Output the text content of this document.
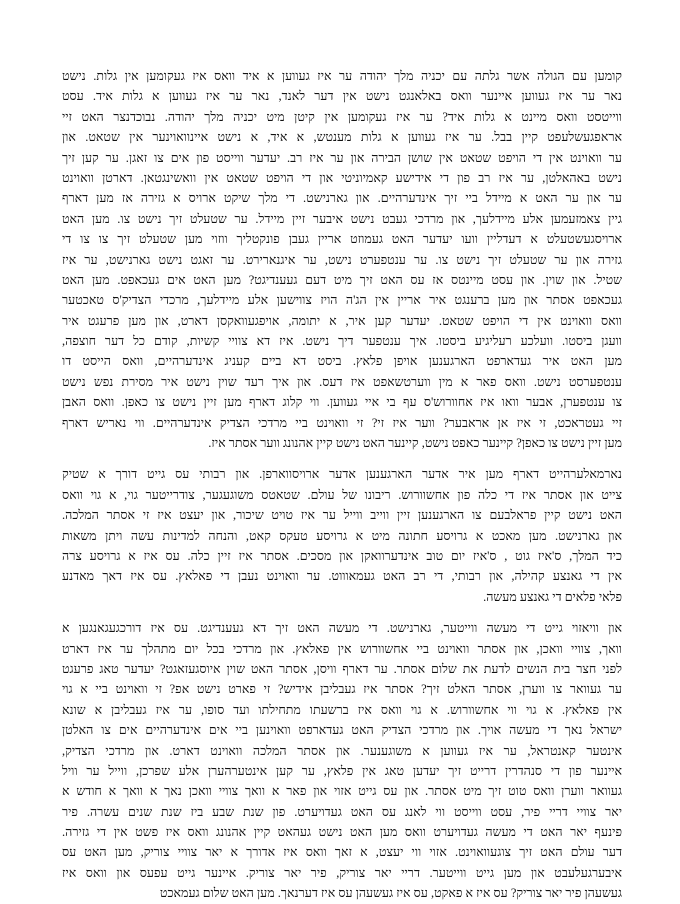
קומען עם הגולה אשר גלתה עם יכניה מלך יהודה ער איז געווען א איד וואס איז געקומען אין גלות. נישט
נאר ער איז געווען איינער וואס באלאנגט נישט אין דער לאנד, נאר ער איז געווען א גלות איד. עסט
ווייטסט וואס מיינט א גלות איד? ער איז געקומען אין קיטן מיט יכניה מלך יהודה. נבוכדנצר האט זיי
אראפגעשלעפט קיין בבל. ער איז געווען א גלות מענטש, א איד, א נישט איינוואוינער אין שטאט. און
ער וואוינט אין די הויפט שטאט אין שושן הבירה און ער איז רב. יעדער ווייסט פון אים צו זאגן. ער קען זיך
נישט באהאלטן, ער איז רב פון די אידישע קאמיוניטי און די הויפט שטאט אין וואשינגטאן. דארטן וואוינט
ער און ער האט א מיידל ביי זיך אינדערהיים. און גארנישט. די מלך שיקט ארויס א גזירה אז מען דארף
גיין צאמזעמען אלע מיידלעך, און מרדכי געבט נישט איבער זיין מיידל. ער שטעלט זיך נישט צו. מען האט
ארויסגעשטעלט א דעדליין וועו יעדער האט געמוזט אריין געבן פונקטליך ווזוי מען שטעלט זיך צו צו די
גזירה און ער שטעלט זיך נישט צו. ער ענטפערט נישט, ער איגנארירט. ער זאגט נישט גארנישט, ער איז
שטיל. און שוין. און עסט מיינטס אז עס האט זיך מיט דעם געענדיגט? מען האט אים געכאפט. מען האט
געכאפט אסתר און מען ברענגט איר אריין אין הג'ה הויז צווישען אלע מיידלעך, מרכדי הצדיק'ס טאכטער
וואס וואוינט אין די הויפט שטאט. יעדער קען איר, א יתומה, אויפגעוואקסן דארט, און מען פרעגט איר
וועגן ביסטו. וועלכע רעליגיע ביסטו. איך ענטפער דיך נישט. איז דא צוויי קשיות, קודם כל דער חוצפה,
מען האט איר געדארפט הארגענען אויפן פלאץ. ביסט דא ביים קעניג אינדערהיים, וואס הייסט דו
ענטפערסט נישט. וואס פאר א מין ווערטשאפט איז דעס. און איך רעד שוין נישט איר מסירת נפש נישט
צו ענטפערן, אבער וואו איז אחוורוש'ס עף בי איי געווען. ווי קלוג דארף מען זיין נישט צו כאפן. וואס האבן
זיי געטראכט, זי איז אן אראבער? ווער איז זי? זי וואוינט ביי מרדכי הצדיק אינדערהיים. ווי נאריש דארף
מען זיין נישט צו כאפן? קיינער כאפט נישט, קיינער האט נישט קיין אהנונג ווער אסתר איז.
נארמאלערהייט דארף מען איר אדער הארגענען אדער ארויסווארפן. און רבותי עס גייט דורך א שטיק
צייט און אסתר איז די כלה פון אחשוורוש. ריבונו של עולם. שטאטס משוגעגער, צודרייטער גוי, א גוי וואס
האט נישט קיין פראלבעם צו הארגענען זיין ווייב ווייל ער איז טויט שיכור, און יעצט איז זי אסתר המלכה.
און גארנישט. מען מאכט א גרויסע חתונה מיט א גרויסע טעקס קאט, והנחה למדינות עשה ויתן משאות
כיד המלך, ס'איז גוט , ס'איז יום טוב אינדערוואקן און מסכים. אסתר איז זיין כלה. עס איז א גרויסע צרה
אין די גאנצע קהילה, און רבותי, די רב האט געמאוווט. ער וואוינט נעבן די פאלאץ. עס איז דאך מאדנע
פלאי פלאים די גאנצע מעשה.
און וויאזוי גייט די מעשה ווייטער, גארנישט. די מעשה האט זיך דא געענדיגט. עס איז דורכגעגאנגען א
וואך, צוויי וואכן, און אסתר וואוינט ביי אחשוורוש אין פאלאץ. און מרדכי בכל יום מתהלך ער איז דארט
לפני חצר בית הנשים לדעת את שלום אסתר. ער דארף וויסן, אסתר האט שוין איוסגעזאגט? יעדער טאג פרעגט
ער געוואר צו ווערן, אסתר האלט זיך? אסתר איז געבליבן אידיש? זי פארט נישט אפ? זי וואוינט ביי א גוי
אין פאלאץ. א גוי ווי אחשוורוש. א גוי וואס איז ברשעתו מתחילתו ועד סופו, ער איז געבליבן א שונא
ישראל נאך די מעשה אויך. און מרדכי הצדיק האט געדארפט וואוינען ביי אים אינדערהיים אים צו האלטן
אינטער קאנטראל, ער איז געווען א משוגענער. און אסתר המלכה וואוינט דארט. און מרדכי הצדיק,
איינער פון די סנהדרין דרייט זיך יעדען טאג אין פלאץ, ער קען אינטערהערן אלע שפרכן, ווייל ער וויל
געוואר ווערן וואס טוט זיך מיט אסתר. און עס גייט אזוי און פאר א וואך צוויי וואכן נאך א וואך א חודש א
יאר צוויי דריי פיר, עסט ווייסט ווי לאנג עס האט געדויערט. פון שנת שבע ביז שנת שנים עשרה. פיר
פינעף יאר האט די מעשה געדויערט וואס מען האט נישט געהאט קיין אהנונג וואס איז פשט אין די גזירה.
דער עולם האט זיך צוגעוואוינט. אזוי ווי יעצט, א זאך וואס איז אדורך א יאר צוויי צוריק, מען האט עס
איבערגעלעבט און מען גייט ווייטער. דריי יאר צוריק, פיר יאר צוריק. איינער גייט עפעס און וואס איז
געשעהן פיר יאר צוריק? עס איז א פאקט, עס איז געשעהן עס איז דערנאך. מען האט שלום געמאכט
